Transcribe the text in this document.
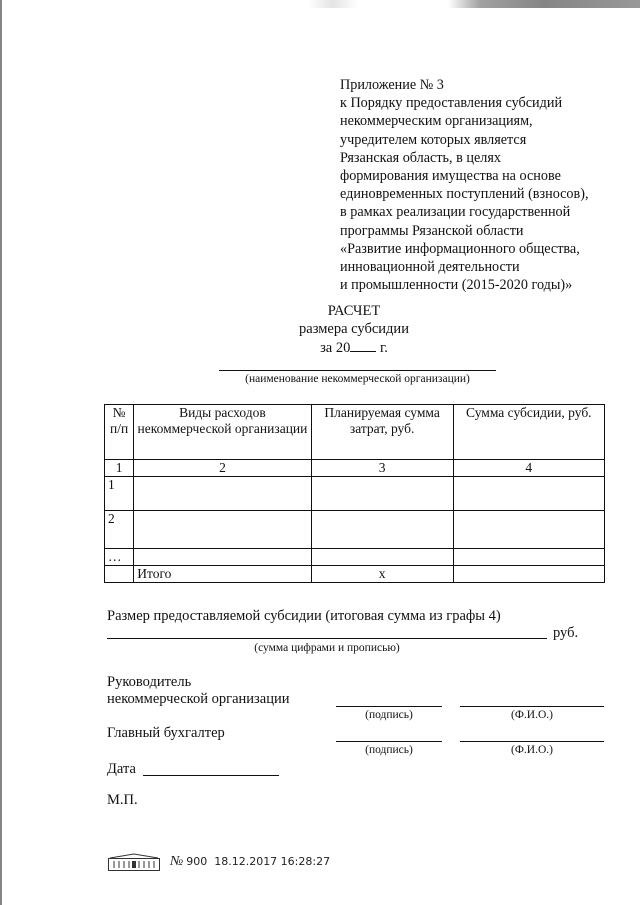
Приложение № 3
к Порядку предоставления субсидий
некоммерческим организациям,
учредителем которых является
Рязанская область, в целях
формирования имущества на основе
единовременных поступлений (взносов),
в рамках реализации государственной
программы Рязанской области
«Развитие информационного общества,
инновационной деятельности
и промышленности (2015-2020 годы)»
РАСЧЕТ
размера субсидии
за 20 г.
(наименование некоммерческой организации)
№ п/п	Виды расходов некоммерческой организации	Планируемая сумма затрат, руб.	Сумма субсидии, руб.
1	2	3	4
1			
2			
…			
	Итого	x	
Размер предоставляемой субсидии (итоговая сумма из графы 4)
руб.
(сумма цифрами и прописью)
Руководитель
некоммерческой организации
(подпись)	(Ф.И.О.)
Главный бухгалтер
(подпись)	(Ф.И.О.)
Дата
М.П.
№ 900 18.12.2017 16:28:27
